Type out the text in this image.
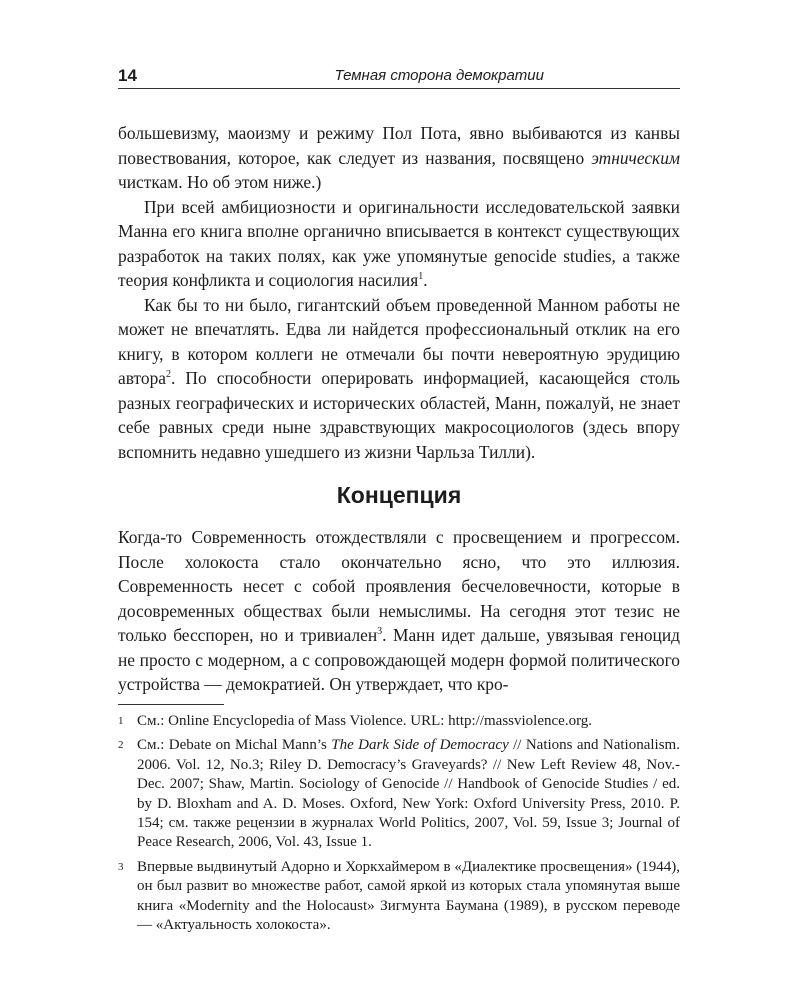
14	Темная сторона демократии

большевизму, маоизму и режиму Пол Пота, явно выбиваются из канвы повествования, которое, как следует из названия, посвящено этническим чисткам. Но об этом ниже.)

При всей амбициозности и оригинальности исследовательской заявки Манна его книга вполне органично вписывается в контекст существующих разработок на таких полях, как уже упомянутые genocide studies, а также теория конфликта и социология насилия$^1$.

Как бы то ни было, гигантский объем проведенной Манном работы не может не впечатлять. Едва ли найдется профессиональный отклик на его книгу, в котором коллеги не отмечали бы почти невероятную эрудицию автора$^2$. По способности оперировать информацией, касающейся столь разных географических и исторических областей, Манн, пожалуй, не знает себе равных среди ныне здравствующих макросоциологов (здесь впору вспомнить недавно ушедшего из жизни Чарльза Тилли).

Концепция

Когда-то Современность отождествляли с просвещением и прогрессом. После холокоста стало окончательно ясно, что это иллюзия. Современность несет с собой проявления бесчеловечности, которые в досовременных обществах были немыслимы. На сегодня этот тезис не только бесспорен, но и тривиален$^3$. Манн идет дальше, увязывая геноцид не просто с модерном, а с сопровождающей модерн формой политического устройства — демократией. Он утверждает, что кро-

1 См.: Online Encyclopedia of Mass Violence. URL: http://massviolence.org.
2 См.: Debate on Michal Mann’s The Dark Side of Democracy // Nations and Nationalism. 2006. Vol. 12, No.3; Riley D. Democracy’s Graveyards? // New Left Review 48, Nov.-Dec. 2007; Shaw, Martin. Sociology of Genocide // Handbook of Genocide Studies / ed. by D. Bloxham and A. D. Moses. Oxford, New York: Oxford University Press, 2010. P. 154; см. также рецензии в журналах World Politics, 2007, Vol. 59, Issue 3; Journal of Peace Research, 2006, Vol. 43, Issue 1.
3 Впервые выдвинутый Адорно и Хоркхаймером в «Диалектике просвещения» (1944), он был развит во множестве работ, самой яркой из которых стала упомянутая выше книга «Modernity and the Holocaust» Зигмунта Баумана (1989), в русском переводе — «Актуальность холокоста».
